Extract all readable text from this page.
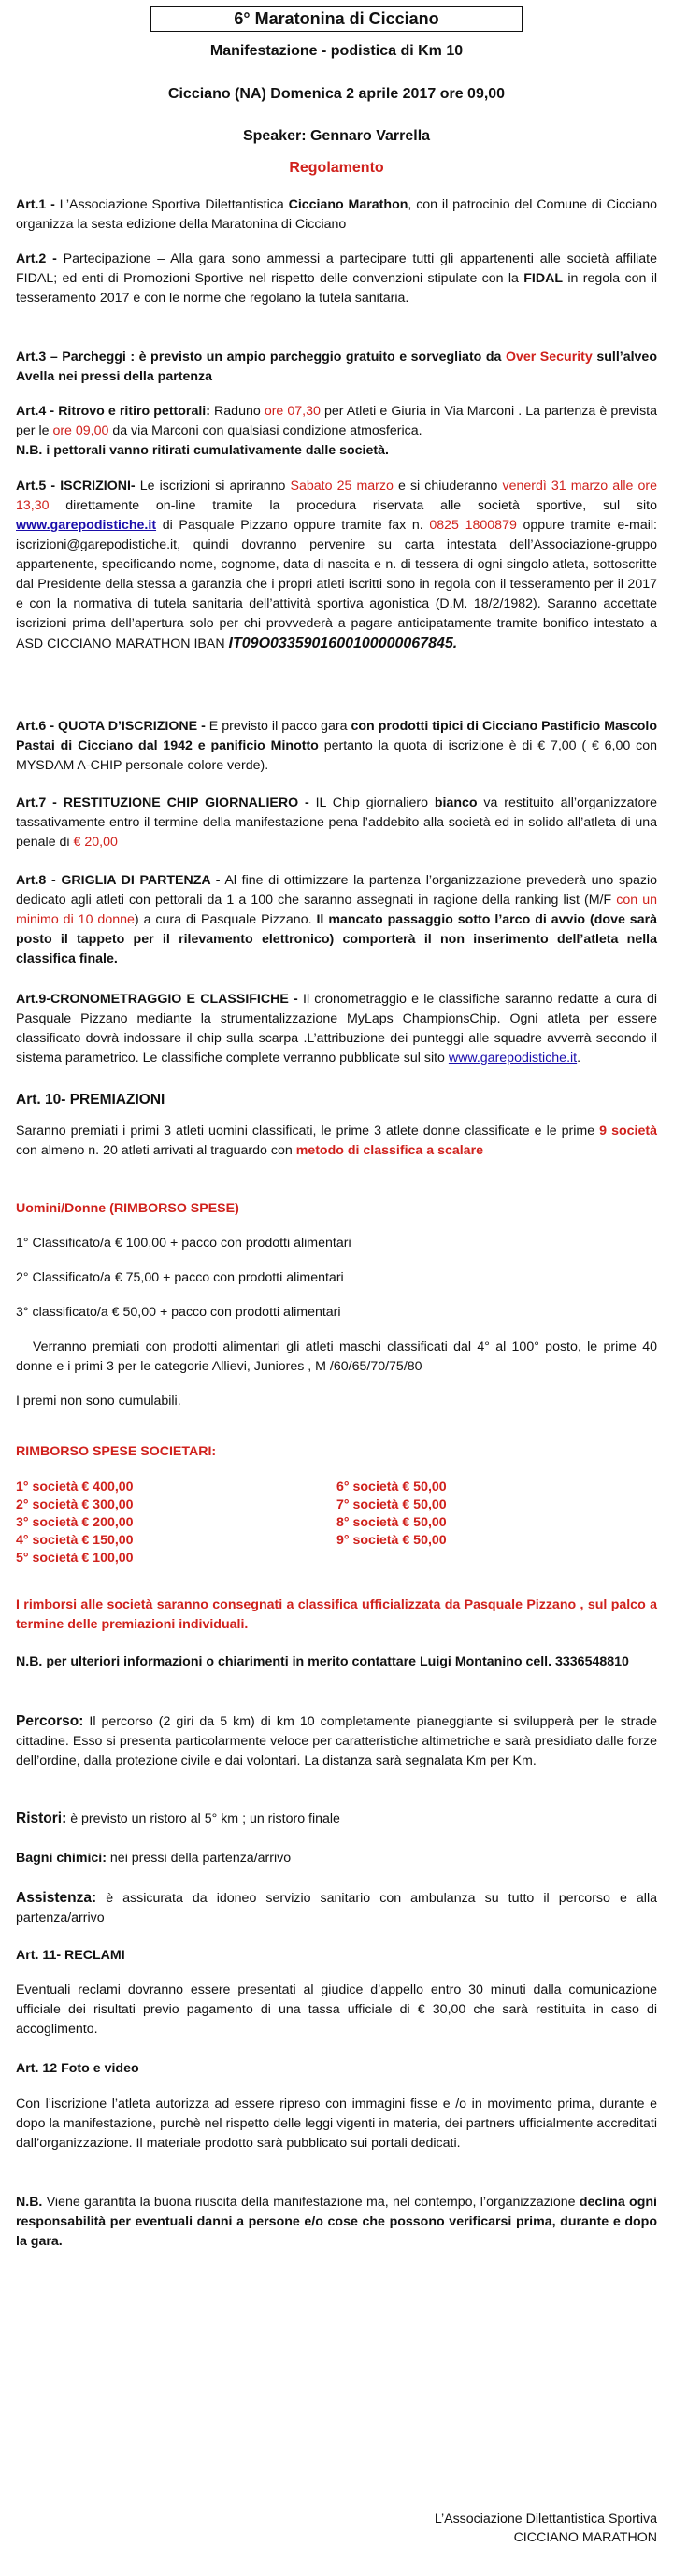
6° Maratonina di Cicciano
Manifestazione - podistica di Km 10
Cicciano (NA) Domenica 2 aprile 2017 ore 09,00
Speaker: Gennaro Varrella
Regolamento
Art.1 - L’Associazione Sportiva Dilettantistica Cicciano Marathon, con il patrocinio del Comune di Cicciano organizza la sesta edizione della Maratonina di Cicciano
Art.2 - Partecipazione – Alla gara sono ammessi a partecipare tutti gli appartenenti alle società affiliate FIDAL; ed enti di Promozioni Sportive nel rispetto delle convenzioni stipulate con la FIDAL in regola con il tesseramento 2017 e con le norme che regolano la tutela sanitaria.
Art.3 – Parcheggi : è previsto un ampio parcheggio gratuito e sorvegliato da Over Security sull’alveo Avella nei pressi della partenza
Art.4 - Ritrovo e ritiro pettorali: Raduno ore 07,30 per Atleti e Giuria in Via Marconi . La partenza è prevista per le ore 09,00 da via Marconi con qualsiasi condizione atmosferica.
N.B. i pettorali vanno ritirati cumulativamente dalle società.
Art.5 - ISCRIZIONI- Le iscrizioni si apriranno Sabato 25 marzo e si chiuderanno venerdì 31 marzo alle ore 13,30 direttamente on-line tramite la procedura riservata alle società sportive, sul sito www.garepodistiche.it di Pasquale Pizzano oppure tramite fax n. 0825 1800879 oppure tramite e-mail: iscrizioni@garepodistiche.it, quindi dovranno pervenire su carta intestata dell’Associazione-gruppo appartenente, specificando nome, cognome, data di nascita e n. di tessera di ogni singolo atleta, sottoscritte dal Presidente della stessa a garanzia che i propri atleti iscritti sono in regola con il tesseramento per il 2017 e con la normativa di tutela sanitaria dell’attività sportiva agonistica (D.M. 18/2/1982). Saranno accettate iscrizioni prima dell’apertura solo per chi provvederà a pagare anticipatamente tramite bonifico intestato a ASD CICCIANO MARATHON IBAN IT09O0335901600100000067845.
Art.6 - QUOTA D’ISCRIZIONE - E previsto il pacco gara con prodotti tipici di Cicciano Pastificio Mascolo Pastai di Cicciano dal 1942 e panificio Minotto pertanto la quota di iscrizione è di € 7,00 ( € 6,00 con MYSDAM A-CHIP personale colore verde).
Art.7 - RESTITUZIONE CHIP GIORNALIERO - IL Chip giornaliero bianco va restituito all’organizzatore tassativamente entro il termine della manifestazione pena l’addebito alla società ed in solido all’atleta di una penale di € 20,00
Art.8 - GRIGLIA DI PARTENZA - Al fine di ottimizzare la partenza l’organizzazione prevederà uno spazio dedicato agli atleti con pettorali da 1 a 100 che saranno assegnati in ragione della ranking list (M/F con un minimo di 10 donne) a cura di Pasquale Pizzano. Il mancato passaggio sotto l’arco di avvio (dove sarà posto il tappeto per il rilevamento elettronico) comporterà il non inserimento dell’atleta nella classifica finale.
Art.9-CRONOMETRAGGIO E CLASSIFICHE - Il cronometraggio e le classifiche saranno redatte a cura di Pasquale Pizzano mediante la strumentalizzazione MyLaps ChampionsChip. Ogni atleta per essere classificato dovrà indossare il chip sulla scarpa .L’attribuzione dei punteggi alle squadre avverrà secondo il sistema parametrico. Le classifiche complete verranno pubblicate sul sito www.garepodistiche.it.
Art. 10- PREMIAZIONI
Saranno premiati i primi 3 atleti uomini classificati, le prime 3 atlete donne classificate e le prime 9 società con almeno n. 20 atleti arrivati al traguardo con metodo di classifica a scalare
Uomini/Donne (RIMBORSO SPESE)
1° Classificato/a € 100,00 + pacco con prodotti alimentari
2° Classificato/a € 75,00 + pacco con prodotti alimentari
3° classificato/a € 50,00 + pacco con prodotti alimentari
Verranno premiati con prodotti alimentari gli atleti maschi classificati dal 4° al 100° posto, le prime 40 donne e i primi 3 per le categorie Allievi, Juniores , M /60/65/70/75/80
I premi non sono cumulabili.
RIMBORSO SPESE SOCIETARI:
1° società € 400,00
2° società € 300,00
3° società € 200,00
4° società € 150,00
5° società € 100,00
6° società € 50,00
7° società € 50,00
8° società € 50,00
9° società € 50,00
I rimborsi alle società saranno consegnati a classifica ufficializzata da Pasquale Pizzano , sul palco a termine delle premiazioni individuali.
N.B. per ulteriori informazioni o chiarimenti in merito contattare Luigi Montanino cell. 3336548810
Percorso: Il percorso (2 giri da 5 km) di km 10 completamente pianeggiante si svilupperà per le strade cittadine. Esso si presenta particolarmente veloce per caratteristiche altimetriche e sarà presidiato dalle forze dell’ordine, dalla protezione civile e dai volontari. La distanza sarà segnalata Km per Km.
Ristori: è previsto un ristoro al 5° km ; un ristoro finale
Bagni chimici: nei pressi della partenza/arrivo
Assistenza: è assicurata da idoneo servizio sanitario con ambulanza su tutto il percorso e alla partenza/arrivo
Art. 11- RECLAMI
Eventuali reclami dovranno essere presentati al giudice d’appello entro 30 minuti dalla comunicazione ufficiale dei risultati previo pagamento di una tassa ufficiale di € 30,00 che sarà restituita in caso di accoglimento.
Art. 12 Foto e video
Con l’iscrizione l’atleta autorizza ad essere ripreso con immagini fisse e /o in movimento prima, durante e dopo la manifestazione, purchè nel rispetto delle leggi vigenti in materia, dei partners ufficialmente accreditati dall’organizzazione. Il materiale prodotto sarà pubblicato sui portali dedicati.
N.B. Viene garantita la buona riuscita della manifestazione ma, nel contempo, l’organizzazione declina ogni responsabilità per eventuali danni a persone e/o cose che possono verificarsi prima, durante e dopo la gara.
L’Associazione Dilettantistica Sportiva
CICCIANO MARATHON
